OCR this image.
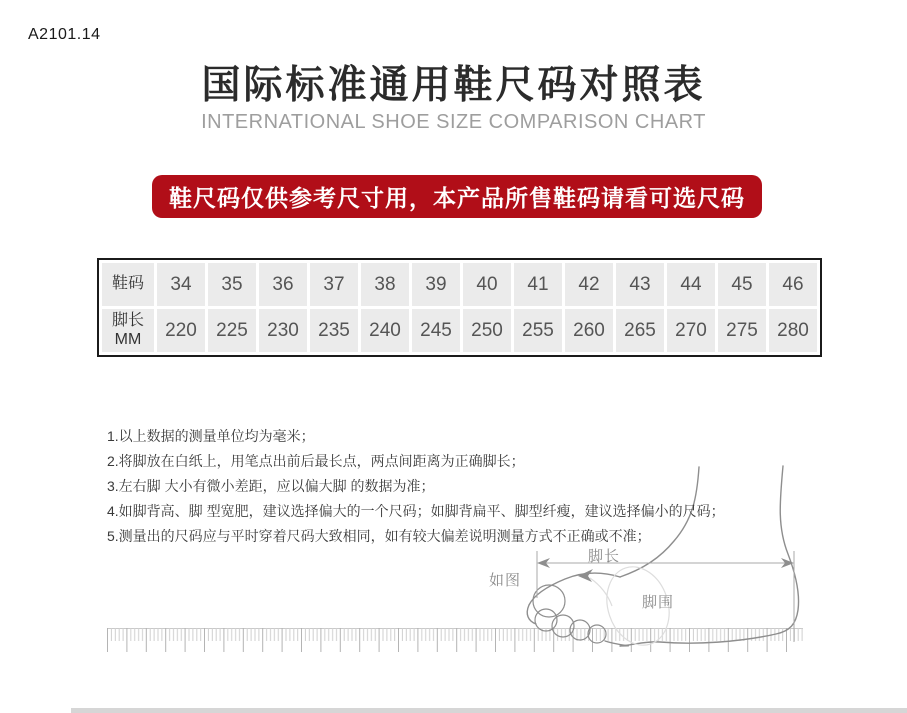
A2101.14
国际标准通用鞋尺码对照表
INTERNATIONAL SHOE SIZE COMPARISON CHART
鞋尺码仅供参考尺寸用，本产品所售鞋码请看可选尺码
鞋码	34	35	36	37	38	39	40	41	42	43	44	45	46

脚长
MM	220	225	230	235	240	245	250	255	260	265	270	275	280
1.以上数据的测量单位均为毫米；
2.将脚放在白纸上，用笔点出前后最长点，两点间距离为正确脚长；
3.左右脚 大小有微小差距，应以偏大脚 的数据为准；
4.如脚背高、脚 型宽肥，建议选择偏大的一个尺码；如脚背扁平、脚型纤瘦，建议选择偏小的尺码；
5.测量出的尺码应与平时穿着尺码大致相同，如有较大偏差说明测量方式不正确或不准；
脚长
如图
脚围
